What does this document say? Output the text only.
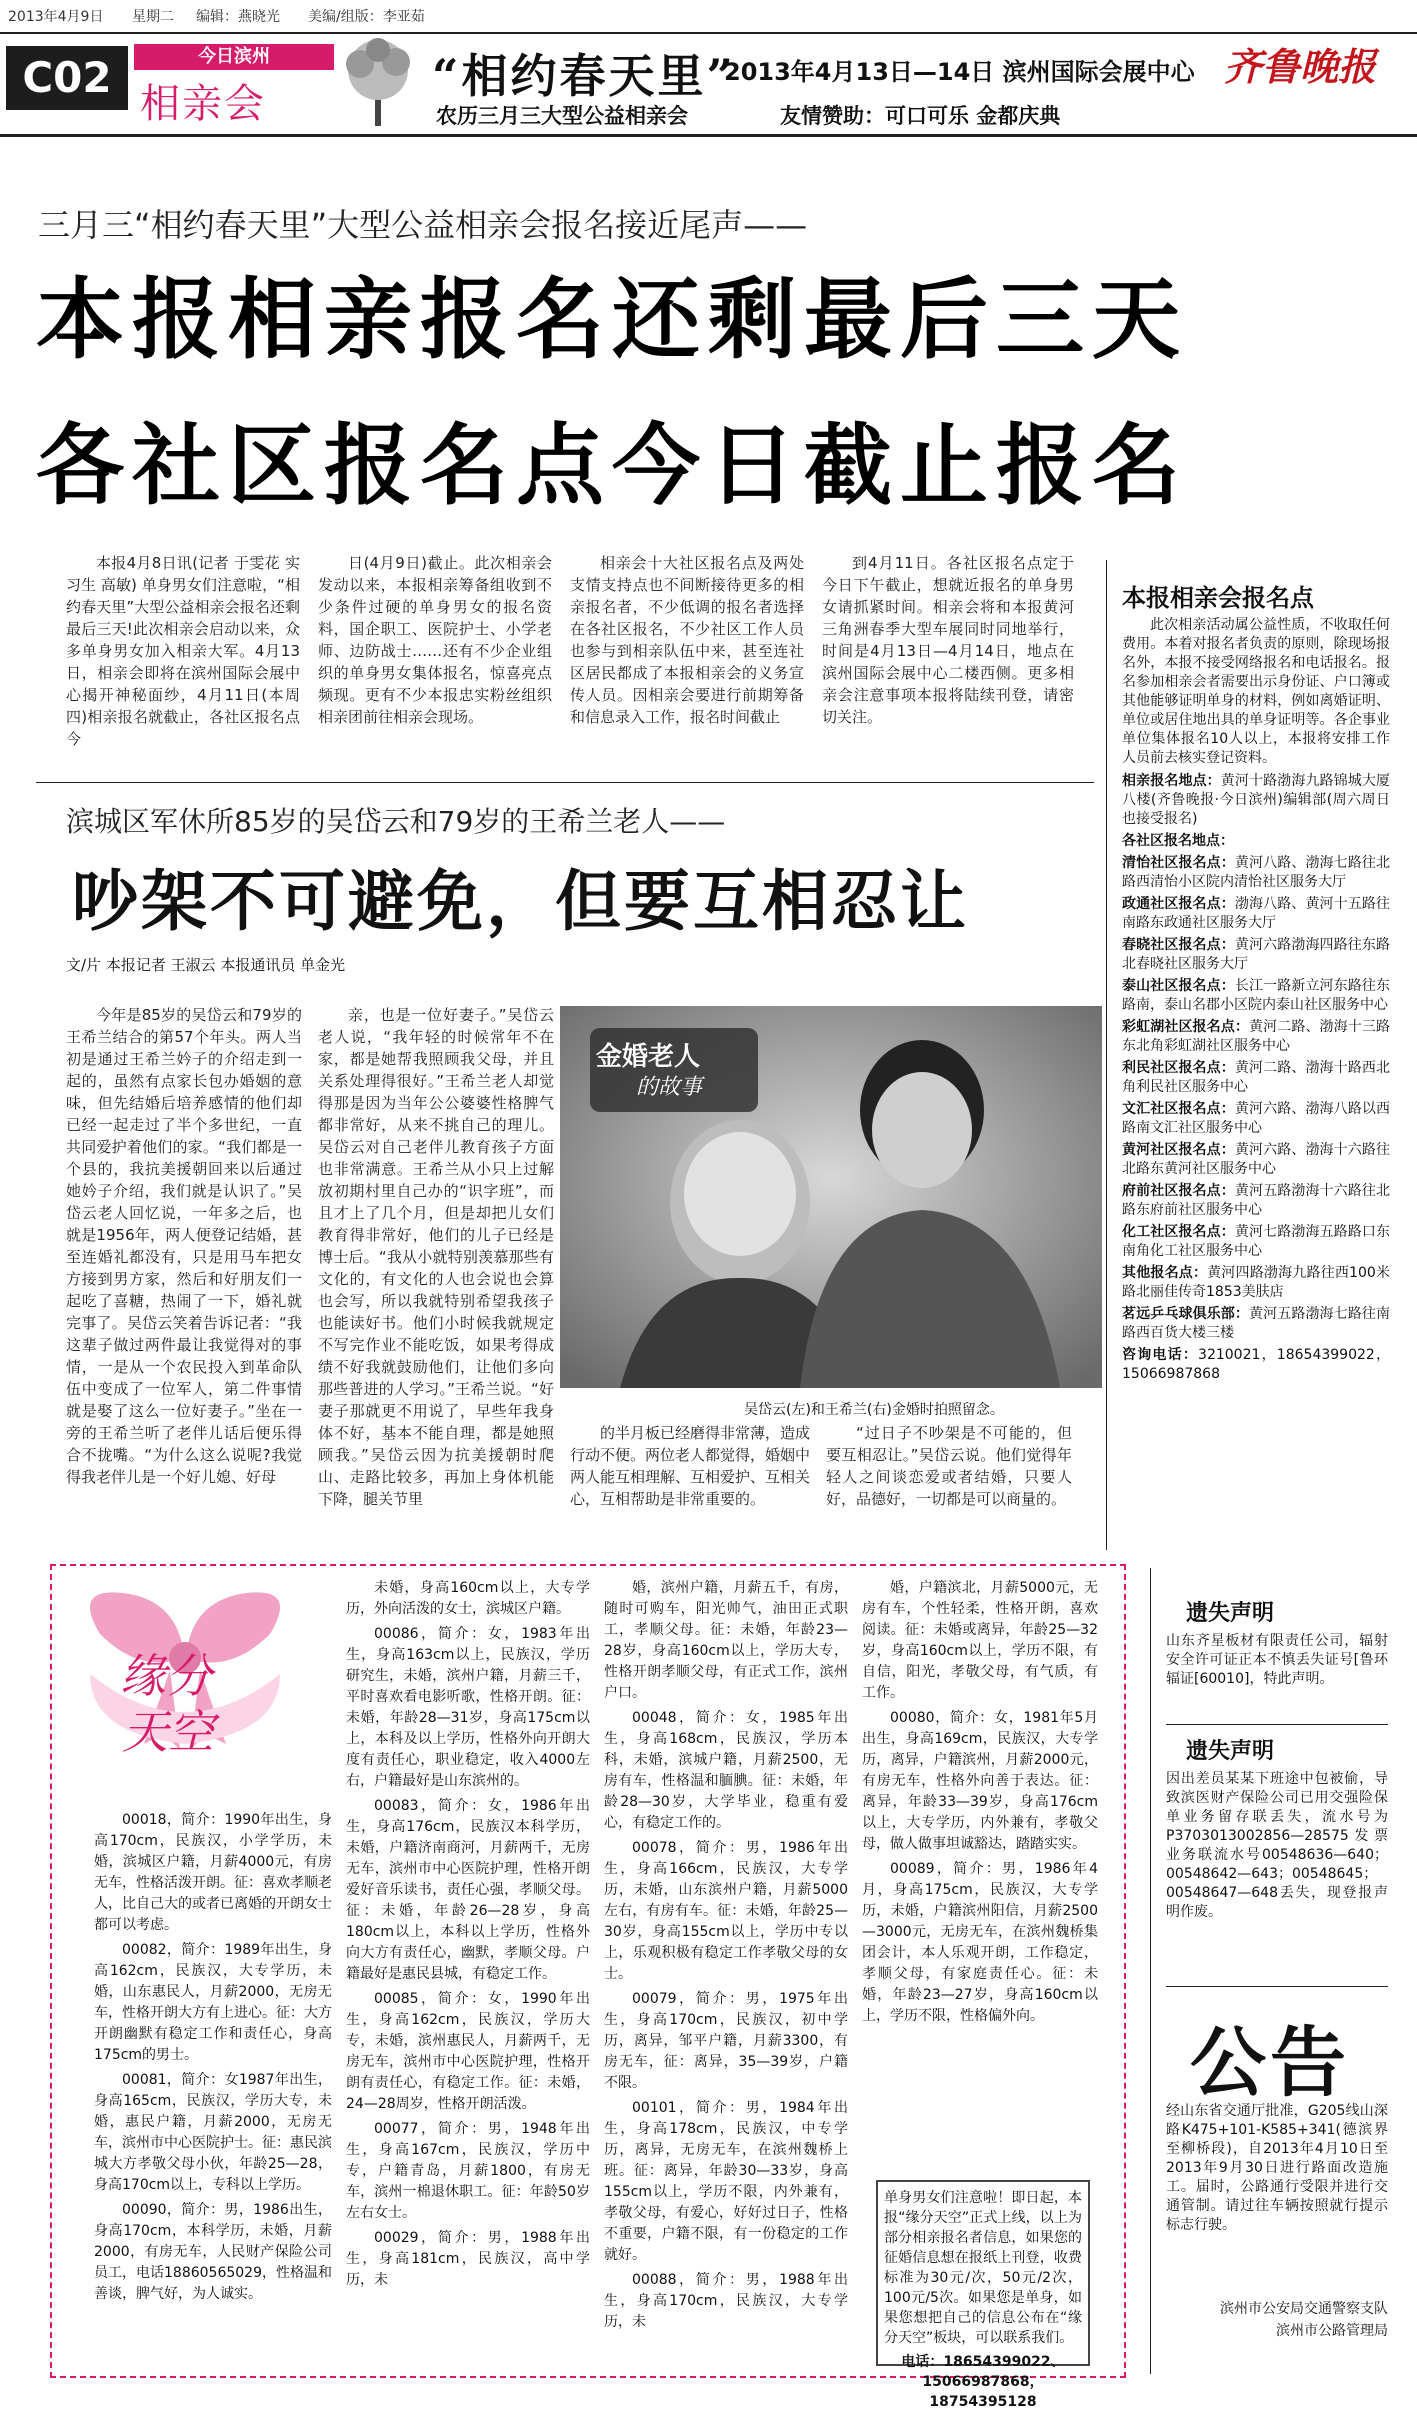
2013年4月9日 星期二 编辑：燕晓光 美编/组版：李亚茹
C02	今日滨州
相亲会
“相约春天里”
农历三月三大型公益相亲会
2013年4月13日—14日 滨州国际会展中心
友情赞助：可口可乐 金都庆典
齐鲁晚报
三月三“相约春天里”大型公益相亲会报名接近尾声——
本报相亲报名还剩最后三天
各社区报名点今日截止报名

本报4月8日讯(记者 于雯花 实习生 高敏) 单身男女们注意啦，“相约春天里”大型公益相亲会报名还剩最后三天!此次相亲会启动以来，众多单身男女加入相亲大军。4月13日，相亲会即将在滨州国际会展中心揭开神秘面纱，4月11日(本周四)相亲报名就截止，各社区报名点今

日(4月9日)截止。此次相亲会发动以来，本报相亲筹备组收到不少条件过硬的单身男女的报名资料，国企职工、医院护士、小学老师、边防战士……还有不少企业组织的单身男女集体报名，惊喜亮点频现。更有不少本报忠实粉丝组织相亲团前往相亲会现场。

相亲会十大社区报名点及两处支情支持点也不间断接待更多的相亲报名者，不少低调的报名者选择在各社区报名，不少社区工作人员也参与到相亲队伍中来，甚至连社区居民都成了本报相亲会的义务宣传人员。因相亲会要进行前期筹备和信息录入工作，报名时间截止

到4月11日。各社区报名点定于今日下午截止，想就近报名的单身男女请抓紧时间。相亲会将和本报黄河三角洲春季大型车展同时同地举行，时间是4月13日—4月14日，地点在滨州国际会展中心二楼西侧。更多相亲会注意事项本报将陆续刊登，请密切关注。

本报相亲会报名点

此次相亲活动属公益性质，不收取任何费用。本着对报名者负责的原则，除现场报名外，本报不接受网络报名和电话报名。报名参加相亲会者需要出示身份证、户口簿或其他能够证明单身的材料，例如离婚证明、单位或居住地出具的单身证明等。各企事业单位集体报名10人以上，本报将安排工作人员前去核实登记资料。

相亲报名地点：黄河十路渤海九路锦城大厦八楼(齐鲁晚报·今日滨州)编辑部(周六周日也接受报名)

各社区报名地点：

清怡社区报名点：黄河八路、渤海七路往北路西清怡小区院内清怡社区服务大厅

政通社区报名点：渤海八路、黄河十五路往南路东政通社区服务大厅

春晓社区报名点：黄河六路渤海四路往东路北春晓社区服务大厅

泰山社区报名点：长江一路新立河东路往东路南，泰山名郡小区院内泰山社区服务中心

彩虹湖社区报名点：黄河二路、渤海十三路东北角彩虹湖社区服务中心

利民社区报名点：黄河二路、渤海十路西北角利民社区服务中心

文汇社区报名点：黄河六路、渤海八路以西路南文汇社区服务中心

黄河社区报名点：黄河六路、渤海十六路往北路东黄河社区服务中心

府前社区报名点：黄河五路渤海十六路往北路东府前社区服务中心

化工社区报名点：黄河七路渤海五路路口东南角化工社区服务中心

其他报名点：黄河四路渤海九路往西100米路北丽佳传奇1853美肤店

茗远乒乓球俱乐部：黄河五路渤海七路往南路西百货大楼三楼

咨询电话：3210021，18654399022，15066987868

滨城区军休所85岁的吴岱云和79岁的王希兰老人——
吵架不可避免，但要互相忍让
文/片 本报记者 王淑云 本报通讯员 单金光

今年是85岁的吴岱云和79岁的王希兰结合的第57个年头。两人当初是通过王希兰妗子的介绍走到一起的，虽然有点家长包办婚姻的意味，但先结婚后培养感情的他们却已经一起走过了半个多世纪，一直共同爱护着他们的家。“我们都是一个县的，我抗美援朝回来以后通过她妗子介绍，我们就是认识了。”吴岱云老人回忆说，一年多之后，也就是1956年，两人便登记结婚，甚至连婚礼都没有，只是用马车把女方接到男方家，然后和好朋友们一起吃了喜糖，热闹了一下，婚礼就完事了。吴岱云笑着告诉记者：“我这辈子做过两件最让我觉得对的事情，一是从一个农民投入到革命队伍中变成了一位军人，第二件事情就是娶了这么一位好妻子。”坐在一旁的王希兰听了老伴儿话后便乐得合不拢嘴。“为什么这么说呢?我觉得我老伴儿是一个好儿媳、好母

亲，也是一位好妻子。”吴岱云老人说，“我年轻的时候常年不在家，都是她帮我照顾我父母，并且关系处理得很好。”王希兰老人却觉得那是因为当年公公婆婆性格脾气都非常好，从来不挑自己的理儿。吴岱云对自己老伴儿教育孩子方面也非常满意。王希兰从小只上过解放初期村里自己办的“识字班”，而且才上了几个月，但是却把儿女们教育得非常好，他们的儿子已经是博士后。“我从小就特别羡慕那些有文化的，有文化的人也会说也会算也会写，所以我就特别希望我孩子也能读好书。他们小时候我就规定不写完作业不能吃饭，如果考得成绩不好我就鼓励他们，让他们多向那些普进的人学习。”王希兰说。“好妻子那就更不用说了，早些年我身体不好，基本不能自理，都是她照顾我。”吴岱云因为抗美援朝时爬山、走路比较多，再加上身体机能下降，腿关节里

的半月板已经磨得非常薄，造成行动不便。两位老人都觉得，婚姻中两人能互相理解、互相爱护、互相关心，互相帮助是非常重要的。

“过日子不吵架是不可能的，但要互相忍让。”吴岱云说。他们觉得年轻人之间谈恋爱或者结婚，只要人好，品德好，一切都是可以商量的。

金婚老人
的故事
吴岱云(左)和王希兰(右)金婚时拍照留念。
缘分
天空

00018，简介：1990年出生，身高170cm，民族汉，小学学历，未婚，滨城区户籍，月薪4000元，有房无车，性格活泼开朗。征：喜欢孝顺老人，比自己大的或者已离婚的开朗女士都可以考虑。

00082，简介：1989年出生，身高162cm，民族汉，大专学历，未婚，山东惠民人，月薪2000，无房无车，性格开朗大方有上进心。征：大方开朗幽默有稳定工作和责任心，身高175cm的男士。

00081，简介：女1987年出生，身高165cm，民族汉，学历大专，未婚，惠民户籍，月薪2000，无房无车，滨州市中心医院护士。征：惠民滨城大方孝敬父母小伙，年龄25—28，身高170cm以上，专科以上学历。

00090，简介：男，1986出生，身高170cm，本科学历，未婚，月薪2000，有房无车，人民财产保险公司员工，电话18860565029，性格温和善谈，脾气好，为人诚实。

未婚，身高160cm以上，大专学历，外向活泼的女士，滨城区户籍。

00086，简介：女，1983年出生，身高163cm以上，民族汉，学历研究生，未婚，滨州户籍，月薪三千，平时喜欢看电影听歌，性格开朗。征：未婚，年龄28—31岁，身高175cm以上，本科及以上学历，性格外向开朗大度有责任心，职业稳定，收入4000左右，户籍最好是山东滨州的。

00083，简介：女，1986年出生，身高176cm，民族汉本科学历，未婚，户籍济南商河，月薪两千，无房无车，滨州市中心医院护理，性格开朗爱好音乐读书，责任心强，孝顺父母。征：未婚，年龄26—28岁，身高180cm以上，本科以上学历，性格外向大方有责任心，幽默，孝顺父母。户籍最好是惠民县城，有稳定工作。

00085，简介：女，1990年出生，身高162cm，民族汉，学历大专，未婚，滨州惠民人，月薪两千，无房无车，滨州市中心医院护理，性格开朗有责任心，有稳定工作。征：未婚，24—28周岁，性格开朗活泼。

00077，简介：男，1948年出生，身高167cm，民族汉，学历中专，户籍青岛，月薪1800，有房无车，滨州一棉退休职工。征：年龄50岁左右女士。

00029，简介：男，1988年出生，身高181cm，民族汉，高中学历，未

婚，滨州户籍，月薪五千，有房，随时可购车，阳光帅气，油田正式职工，孝顺父母。征：未婚，年龄23—28岁，身高160cm以上，学历大专，性格开朗孝顺父母，有正式工作，滨州户口。

00048，简介：女，1985年出生，身高168cm，民族汉，学历本科，未婚，滨城户籍，月薪2500，无房有车，性格温和腼腆。征：未婚，年龄28—30岁，大学毕业，稳重有爱心，有稳定工作的。

00078，简介：男，1986年出生，身高166cm，民族汉，大专学历，未婚，山东滨州户籍，月薪5000左右，有房有车。征：未婚，年龄25—30岁，身高155cm以上，学历中专以上，乐观积极有稳定工作孝敬父母的女士。

00079，简介：男，1975年出生，身高170cm，民族汉，初中学历，离异，邹平户籍，月薪3300，有房无车，征：离异，35—39岁，户籍不限。

00101，简介：男，1984年出生，身高178cm，民族汉，中专学历，离异，无房无车，在滨州魏桥上班。征：离异，年龄30—33岁，身高155cm以上，学历不限，内外兼有，孝敬父母，有爱心，好好过日子，性格不重要，户籍不限，有一份稳定的工作就好。

00088，简介：男，1988年出生，身高170cm，民族汉，大专学历，未

婚，户籍滨北，月薪5000元，无房有车，个性轻柔，性格开朗，喜欢阅读。征：未婚或离异，年龄25—32岁，身高160cm以上，学历不限，有自信，阳光，孝敬父母，有气质，有工作。

00080，简介：女，1981年5月出生，身高169cm，民族汉，大专学历，离异，户籍滨州，月薪2000元，有房无车，性格外向善于表达。征：离异，年龄33—39岁，身高176cm以上，大专学历，内外兼有，孝敬父母，做人做事坦诚豁达，踏踏实实。

00089，简介：男，1986年4月，身高175cm，民族汉，大专学历，未婚，户籍滨州阳信，月薪2500—3000元，无房无车，在滨州魏桥集团会计，本人乐观开朗，工作稳定，孝顺父母，有家庭责任心。征：未婚，年龄23—27岁，身高160cm以上，学历不限，性格偏外向。

单身男女们注意啦！即日起，本报“缘分天空”正式上线，以上为部分相亲报名者信息，如果您的征婚信息想在报纸上刊登，收费标准为30元/次，50元/2次，100元/5次。如果您是单身，如果您想把自己的信息公布在“缘分天空”板块，可以联系我们。
电话：18654399022、15066987868，18754395128
遗失声明
山东齐星板材有限责任公司，辐射安全许可证正本不慎丢失证号[鲁环辐证[60010]，特此声明。
遗失声明
因出差员某某下班途中包被偷，导致滨医财产保险公司已用交强险保单业务留存联丢失，流水号为P3703013002856—28575发票业务联流水号00548636—640；00548642—643；00548645；00548647—648丢失，现登报声明作废。
公告
经山东省交通厅批准，G205线山深路K475+101-K585+341(德滨界至柳桥段)，自2013年4月10日至2013年9月30日进行路面改造施工。届时，公路通行受限并进行交通管制。请过往车辆按照就行提示标志行驶。
滨州市公安局交通警察支队
滨州市公路管理局
